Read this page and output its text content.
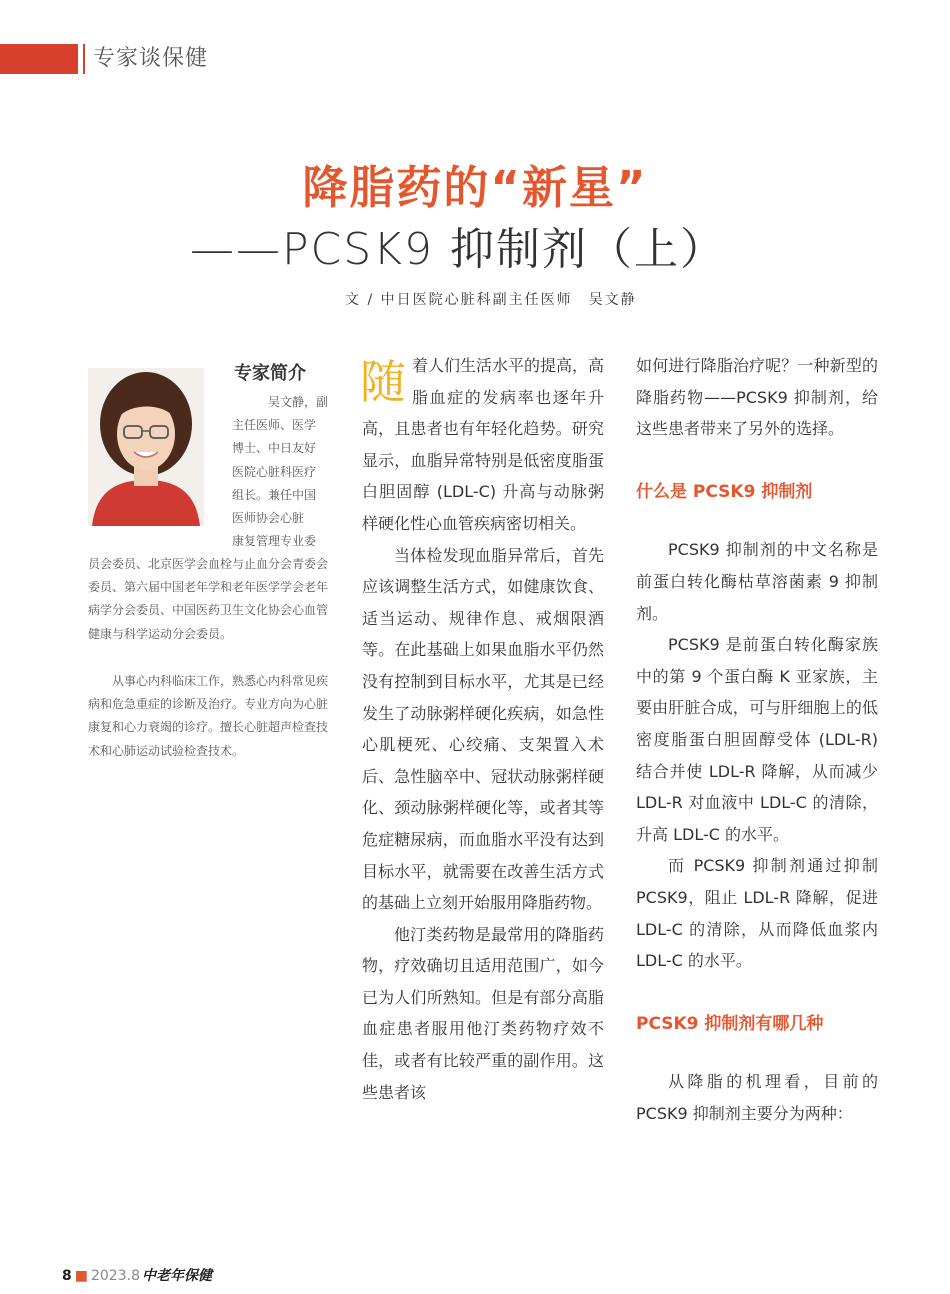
专家谈保健
降脂药的“新星”
——PCSK9 抑制剂（上）
文 / 中日医院心脏科副主任医师　吴文静
专家简介
吴文静，副
主任医师、医学
博士、中日友好
医院心脏科医疗
组长。兼任中国
医师协会心脏
康复管理专业委

员会委员、北京医学会血栓与止血分会青委会委员、第六届中国老年学和老年医学学会老年病学分会委员、中国医药卫生文化协会心血管健康与科学运动分会委员。

从事心内科临床工作，熟悉心内科常见疾病和危急重症的诊断及治疗。专业方向为心脏康复和心力衰竭的诊疗。擅长心脏超声检查技术和心肺运动试验检查技术。

随着人们生活水平的提高，高脂血症的发病率也逐年升高，且患者也有年轻化趋势。研究显示，血脂异常特别是低密度脂蛋白胆固醇 (LDL-C) 升高与动脉粥样硬化性心血管疾病密切相关。

当体检发现血脂异常后，首先应该调整生活方式，如健康饮食、适当运动、规律作息、戒烟限酒等。在此基础上如果血脂水平仍然没有控制到目标水平，尤其是已经发生了动脉粥样硬化疾病，如急性心肌梗死、心绞痛、支架置入术后、急性脑卒中、冠状动脉粥样硬化、颈动脉粥样硬化等，或者其等危症糖尿病，而血脂水平没有达到目标水平，就需要在改善生活方式的基础上立刻开始服用降脂药物。

他汀类药物是最常用的降脂药物，疗效确切且适用范围广，如今已为人们所熟知。但是有部分高脂血症患者服用他汀类药物疗效不佳，或者有比较严重的副作用。这些患者该

如何进行降脂治疗呢？一种新型的降脂药物——PCSK9 抑制剂，给这些患者带来了另外的选择。

什么是 PCSK9 抑制剂

PCSK9 抑制剂的中文名称是前蛋白转化酶枯草溶菌素 9 抑制剂。

PCSK9 是前蛋白转化酶家族中的第 9 个蛋白酶 K 亚家族，主要由肝脏合成，可与肝细胞上的低密度脂蛋白胆固醇受体 (LDL-R) 结合并使 LDL-R 降解，从而减少 LDL-R 对血液中 LDL-C 的清除，升高 LDL-C 的水平。

而 PCSK9 抑制剂通过抑制 PCSK9，阻止 LDL-R 降解，促进 LDL-C 的清除，从而降低血浆内 LDL-C 的水平。

PCSK9 抑制剂有哪几种

从降脂的机理看，目前的 PCSK9 抑制剂主要分为两种：

8 ■ 2023.8 中老年保健
